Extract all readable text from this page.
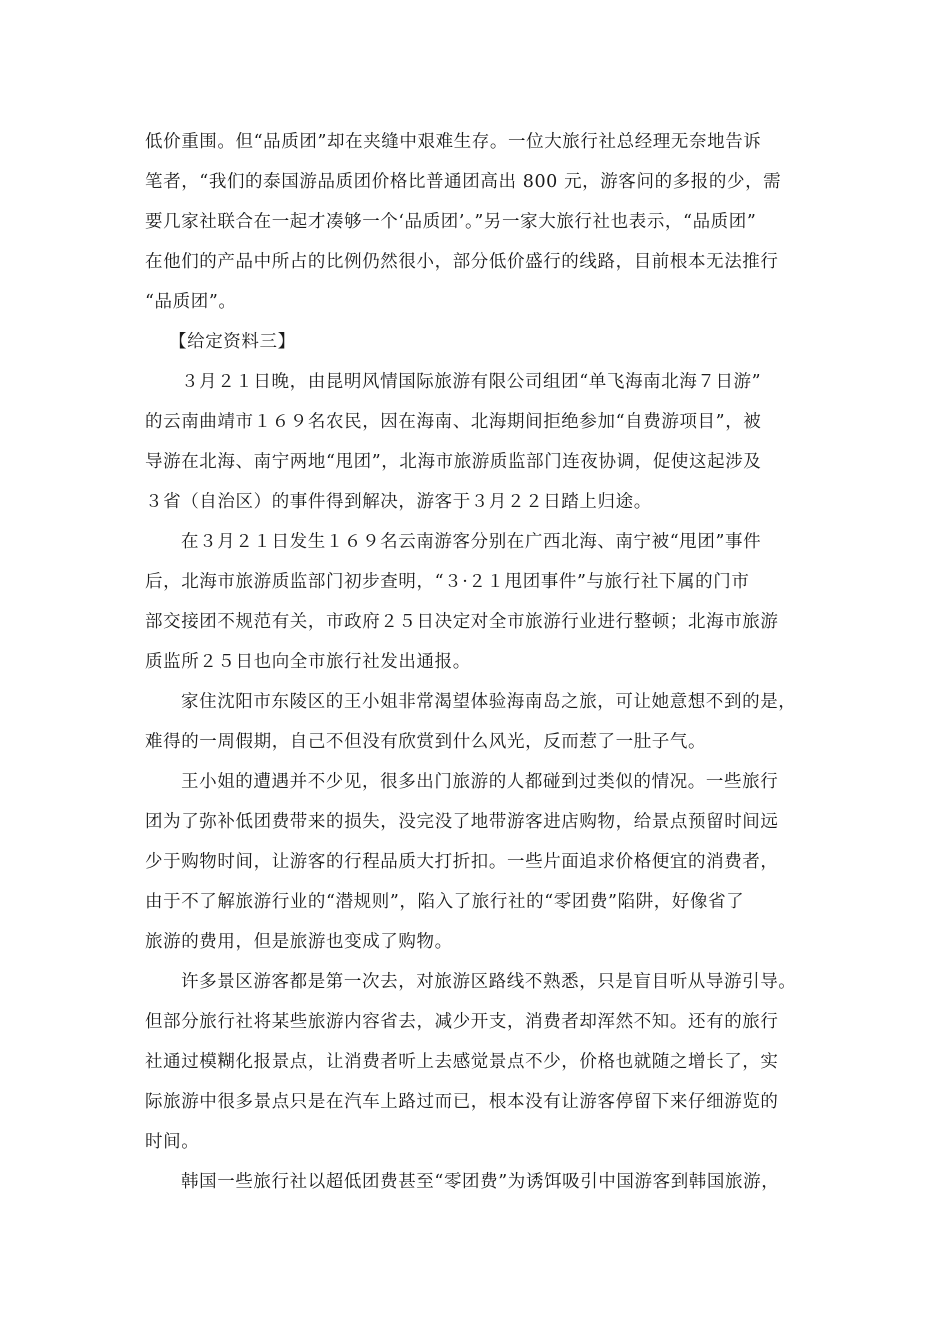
低价重围。但“品质团”却在夹缝中艰难生存。一位大旅行社总经理无奈地告诉
笔者，“我们的泰国游品质团价格比普通团高出 800 元，游客问的多报的少，需
要几家社联合在一起才凑够一个‘品质团’。”另一家大旅行社也表示，“品质团”
在他们的产品中所占的比例仍然很小，部分低价盛行的线路，目前根本无法推行
“品质团”。
【给定资料三】
３月２１日晚，由昆明风情国际旅游有限公司组团“单飞海南北海７日游”
的云南曲靖市１６９名农民，因在海南、北海期间拒绝参加“自费游项目”，被
导游在北海、南宁两地“甩团”，北海市旅游质监部门连夜协调，促使这起涉及
３省（自治区）的事件得到解决，游客于３月２２日踏上归途。
在３月２１日发生１６９名云南游客分别在广西北海、南宁被“甩团”事件
后，北海市旅游质监部门初步查明，“３·２１甩团事件”与旅行社下属的门市
部交接团不规范有关，市政府２５日决定对全市旅游行业进行整顿；北海市旅游
质监所２５日也向全市旅行社发出通报。
家住沈阳市东陵区的王小姐非常渴望体验海南岛之旅，可让她意想不到的是，
难得的一周假期，自己不但没有欣赏到什么风光，反而惹了一肚子气。
王小姐的遭遇并不少见，很多出门旅游的人都碰到过类似的情况。一些旅行
团为了弥补低团费带来的损失，没完没了地带游客进店购物，给景点预留时间远
少于购物时间，让游客的行程品质大打折扣。一些片面追求价格便宜的消费者，
由于不了解旅游行业的“潜规则”，陷入了旅行社的“零团费”陷阱，好像省了
旅游的费用，但是旅游也变成了购物。
许多景区游客都是第一次去，对旅游区路线不熟悉，只是盲目听从导游引导。
但部分旅行社将某些旅游内容省去，减少开支，消费者却浑然不知。还有的旅行
社通过模糊化报景点，让消费者听上去感觉景点不少，价格也就随之增长了，实
际旅游中很多景点只是在汽车上路过而已，根本没有让游客停留下来仔细游览的
时间。
韩国一些旅行社以超低团费甚至“零团费”为诱饵吸引中国游客到韩国旅游，
